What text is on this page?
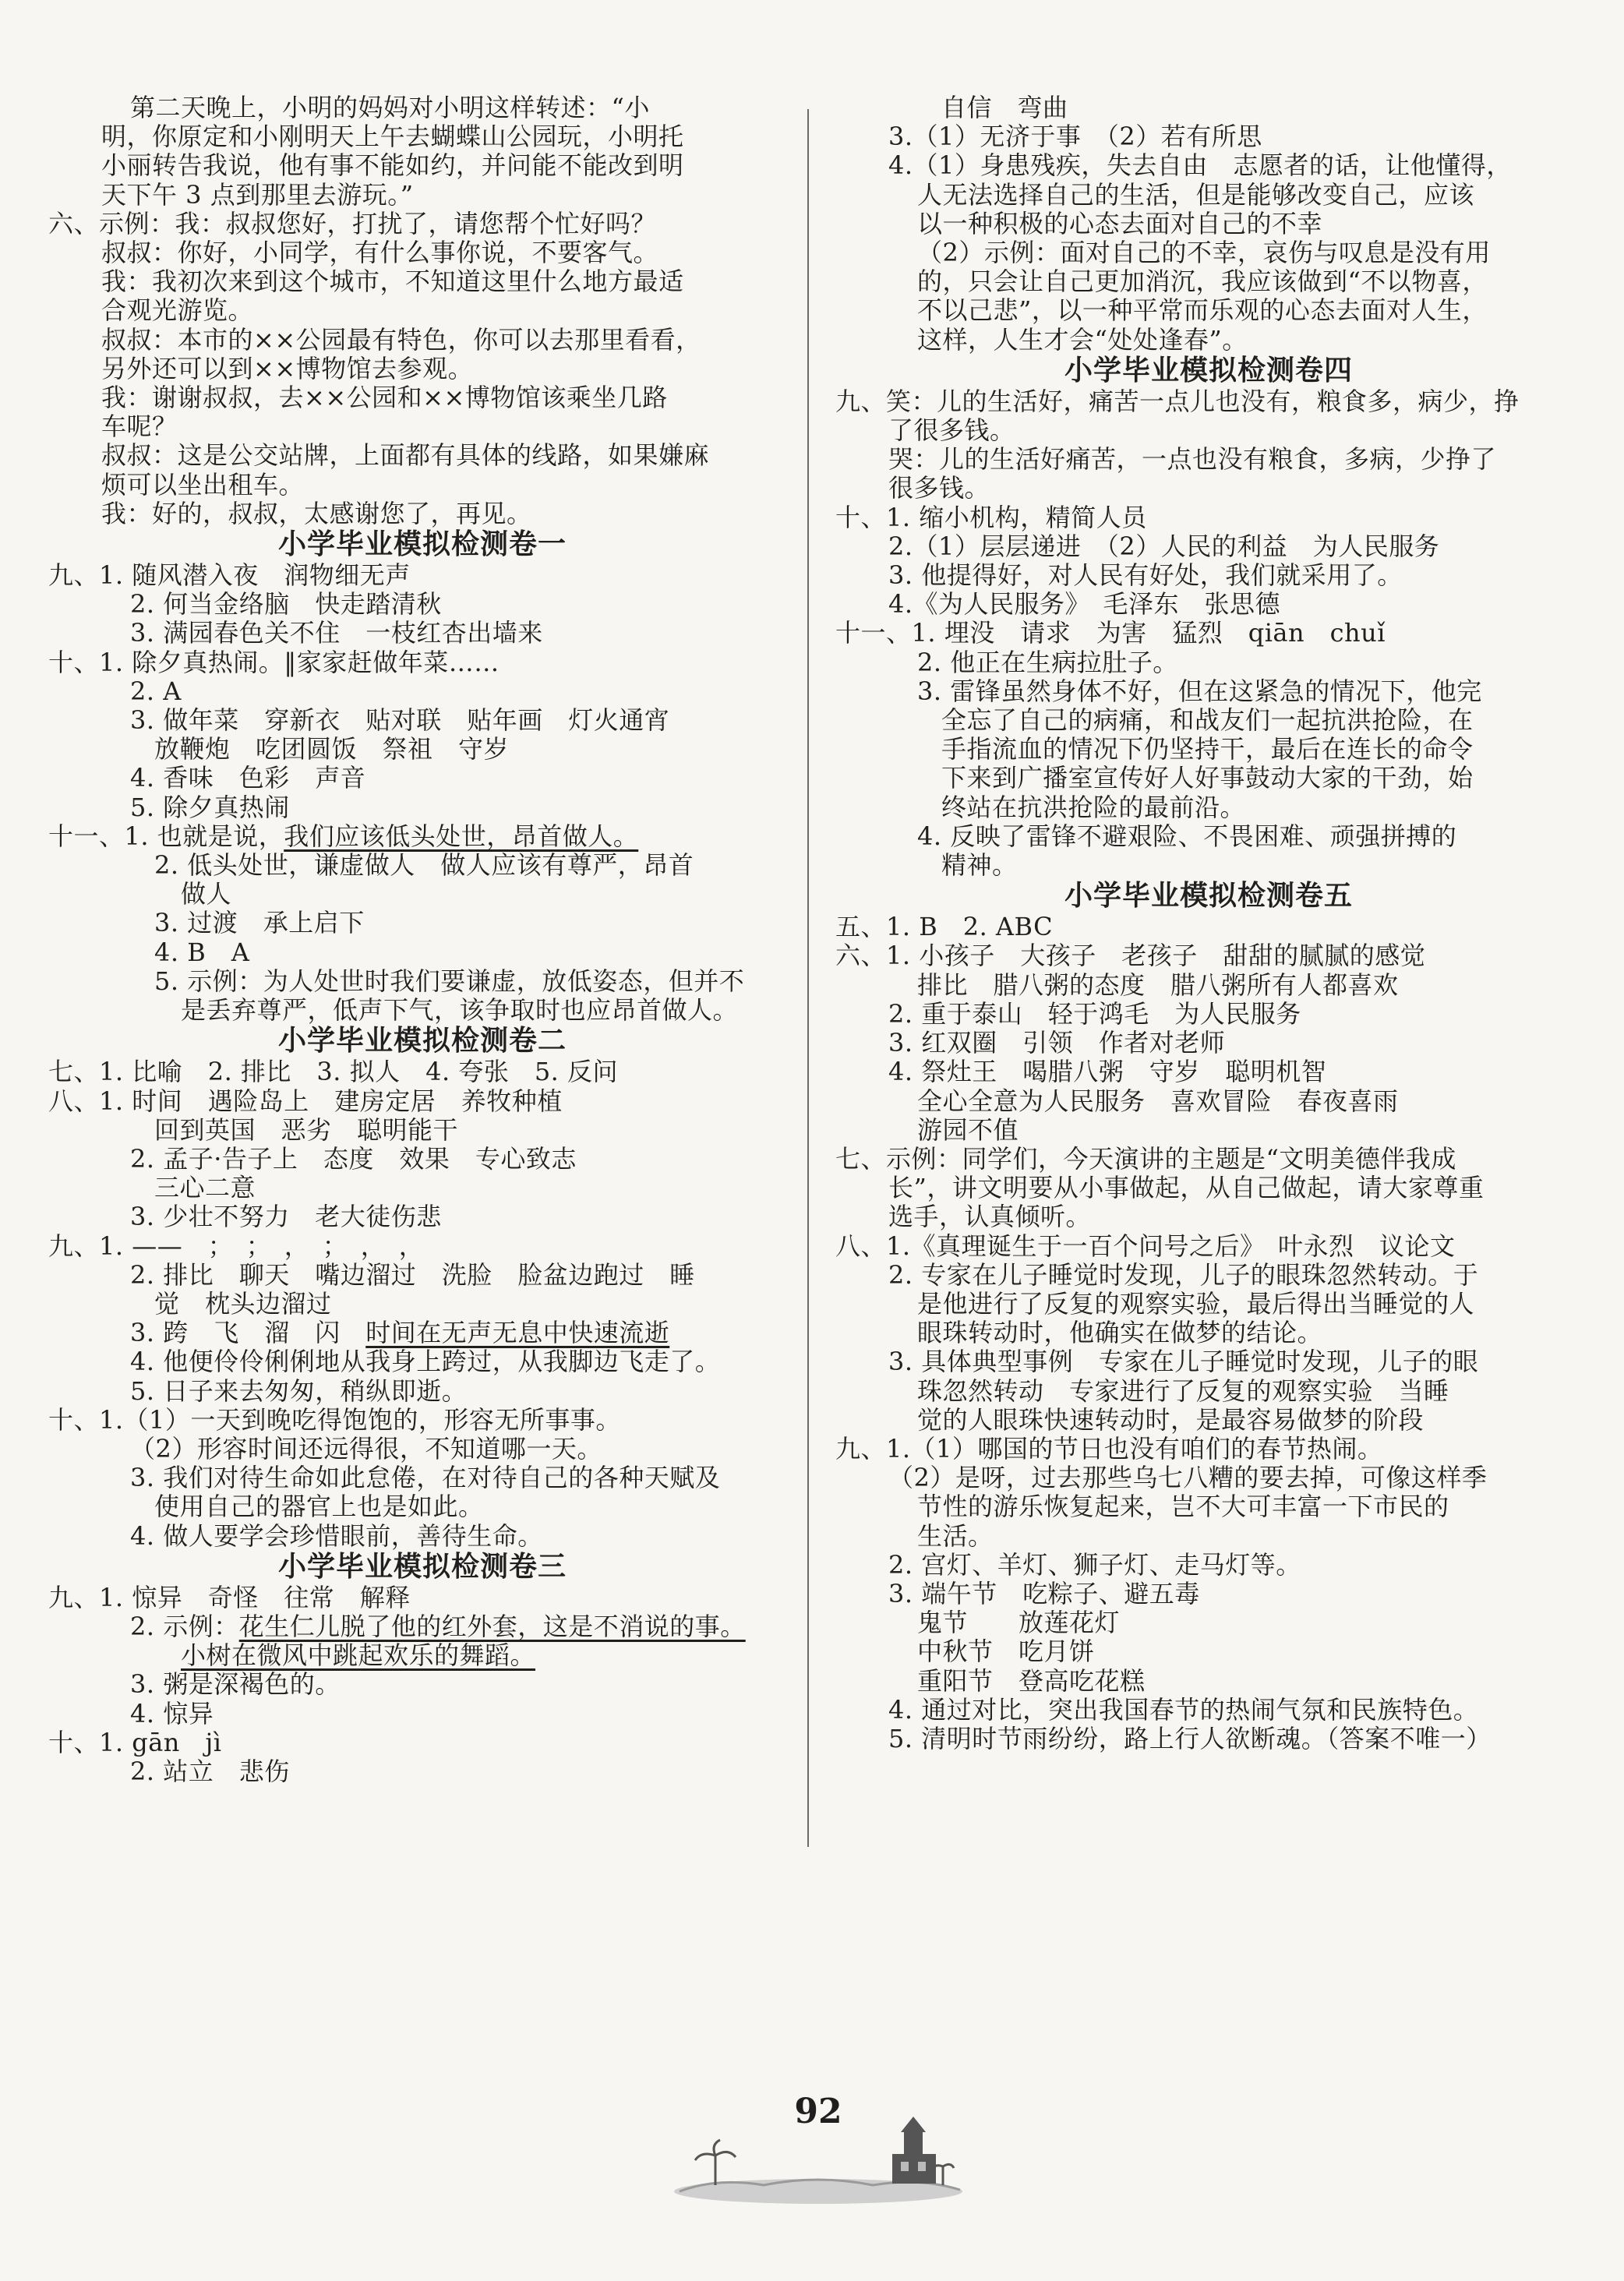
第二天晚上，小明的妈妈对小明这样转述：“小
明，你原定和小刚明天上午去蝴蝶山公园玩，小明托
小丽转告我说，他有事不能如约，并问能不能改到明
天下午 3 点到那里去游玩。”
六、示例：我：叔叔您好，打扰了，请您帮个忙好吗？
叔叔：你好，小同学，有什么事你说，不要客气。
我：我初次来到这个城市，不知道这里什么地方最适
合观光游览。
叔叔：本市的××公园最有特色，你可以去那里看看，
另外还可以到××博物馆去参观。
我：谢谢叔叔，去××公园和××博物馆该乘坐几路
车呢？
叔叔：这是公交站牌，上面都有具体的线路，如果嫌麻
烦可以坐出租车。
我：好的，叔叔，太感谢您了，再见。
小学毕业模拟检测卷一
九、1. 随风潜入夜　润物细无声
2. 何当金络脑　快走踏清秋
3. 满园春色关不住　一枝红杏出墙来
十、1. 除夕真热闹。‖家家赶做年菜……
2. A
3. 做年菜　穿新衣　贴对联　贴年画　灯火通宵
放鞭炮　吃团圆饭　祭祖　守岁
4. 香味　色彩　声音
5. 除夕真热闹
十一、1. 也就是说，我们应该低头处世，昂首做人。
2. 低头处世，谦虚做人　做人应该有尊严，昂首
做人
3. 过渡　承上启下
4. B　A
5. 示例：为人处世时我们要谦虚，放低姿态，但并不
是丢弃尊严，低声下气，该争取时也应昂首做人。
小学毕业模拟检测卷二
七、1. 比喻　2. 排比　3. 拟人　4. 夸张　5. 反问
八、1. 时间　遇险岛上　建房定居　养牧种植
回到英国　恶劣　聪明能干
2. 孟子·告子上　态度　效果　专心致志
三心二意
3. 少壮不努力　老大徒伤悲
九、1. ——　；　；　，　；　，　，
2. 排比　聊天　嘴边溜过　洗脸　脸盆边跑过　睡
觉　枕头边溜过
3. 跨　飞　溜　闪　时间在无声无息中快速流逝
4. 他便伶伶俐俐地从我身上跨过，从我脚边飞走了。
5. 日子来去匆匆，稍纵即逝。
十、1.（1）一天到晚吃得饱饱的，形容无所事事。
（2）形容时间还远得很，不知道哪一天。
3. 我们对待生命如此怠倦，在对待自己的各种天赋及
使用自己的器官上也是如此。
4. 做人要学会珍惜眼前，善待生命。
小学毕业模拟检测卷三
九、1. 惊异　奇怪　往常　解释
2. 示例：花生仁儿脱了他的红外套，这是不消说的事。
小树在微风中跳起欢乐的舞蹈。
3. 粥是深褐色的。
4. 惊异
十、1. gān　jì
2. 站立　悲伤
自信　弯曲
3.（1）无济于事　（2）若有所思
4.（1）身患残疾，失去自由　志愿者的话，让他懂得，
人无法选择自己的生活，但是能够改变自己，应该
以一种积极的心态去面对自己的不幸
（2）示例：面对自己的不幸，哀伤与叹息是没有用
的，只会让自己更加消沉，我应该做到“不以物喜，
不以己悲”，以一种平常而乐观的心态去面对人生，
这样，人生才会“处处逢春”。
小学毕业模拟检测卷四
九、笑：儿的生活好，痛苦一点儿也没有，粮食多，病少，挣
了很多钱。
哭：儿的生活好痛苦，一点也没有粮食，多病，少挣了
很多钱。
十、1. 缩小机构，精简人员
2.（1）层层递进　（2）人民的利益　为人民服务
3. 他提得好，对人民有好处，我们就采用了。
4.《为人民服务》　毛泽东　张思德
十一、1. 埋没　请求　为害　猛烈　qiān　chuǐ
2. 他正在生病拉肚子。
3. 雷锋虽然身体不好，但在这紧急的情况下，他完
全忘了自己的病痛，和战友们一起抗洪抢险，在
手指流血的情况下仍坚持干，最后在连长的命令
下来到广播室宣传好人好事鼓动大家的干劲，始
终站在抗洪抢险的最前沿。
4. 反映了雷锋不避艰险、不畏困难、顽强拼搏的
精神。
小学毕业模拟检测卷五
五、1. B　2. ABC
六、1. 小孩子　大孩子　老孩子　甜甜的腻腻的感觉
排比　腊八粥的态度　腊八粥所有人都喜欢
2. 重于泰山　轻于鸿毛　为人民服务
3. 红双圈　引领　作者对老师
4. 祭灶王　喝腊八粥　守岁　聪明机智
全心全意为人民服务　喜欢冒险　春夜喜雨
游园不值
七、示例：同学们，今天演讲的主题是“文明美德伴我成
长”，讲文明要从小事做起，从自己做起，请大家尊重
选手，认真倾听。
八、1.《真理诞生于一百个问号之后》　叶永烈　议论文
2. 专家在儿子睡觉时发现，儿子的眼珠忽然转动。于
是他进行了反复的观察实验，最后得出当睡觉的人
眼珠转动时，他确实在做梦的结论。
3. 具体典型事例　专家在儿子睡觉时发现，儿子的眼
珠忽然转动　专家进行了反复的观察实验　当睡
觉的人眼珠快速转动时，是最容易做梦的阶段
九、1.（1）哪国的节日也没有咱们的春节热闹。
（2）是呀，过去那些乌七八糟的要去掉，可像这样季
节性的游乐恢复起来，岂不大可丰富一下市民的
生活。
2. 宫灯、羊灯、狮子灯、走马灯等。
3. 端午节　吃粽子、避五毒
鬼节　　放莲花灯
中秋节　吃月饼
重阳节　登高吃花糕
4. 通过对比，突出我国春节的热闹气氛和民族特色。
5. 清明时节雨纷纷，路上行人欲断魂。（答案不唯一）
92
